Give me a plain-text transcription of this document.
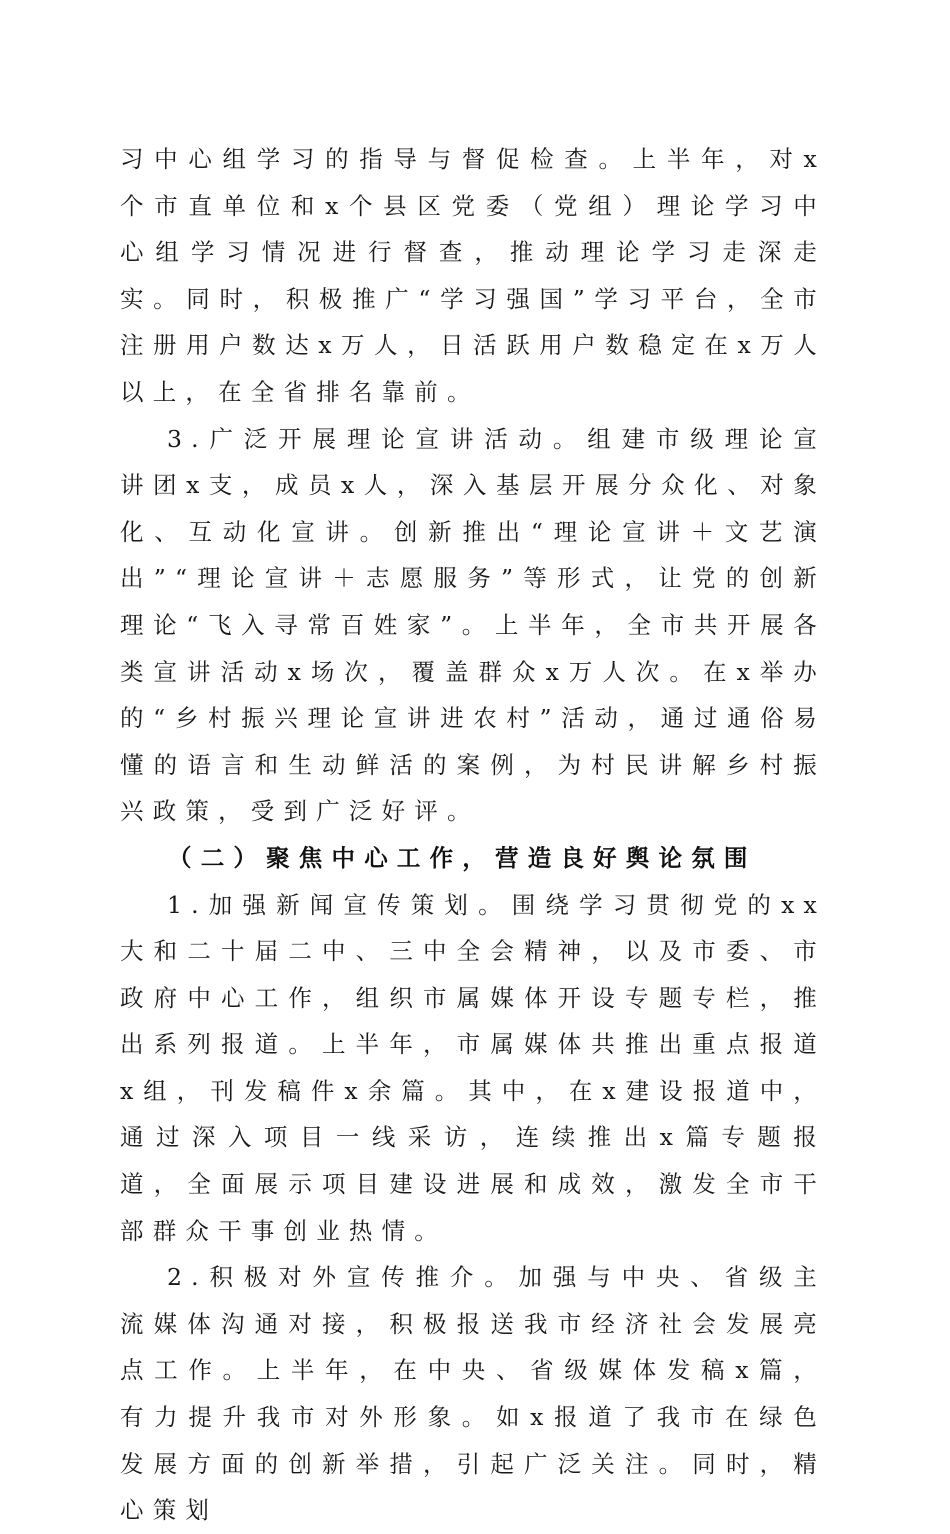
习中心组学习的指导与督促检查。上半年，对x个市直单位和x个县区党委（党组）理论学习中心组学习情况进行督查，推动理论学习走深走实。同时，积极推广“学习强国”学习平台，全市注册用户数达x万人，日活跃用户数稳定在x万人以上，在全省排名靠前。

3.广泛开展理论宣讲活动。组建市级理论宣讲团x支，成员x人，深入基层开展分众化、对象化、互动化宣讲。创新推出“理论宣讲＋文艺演出”“理论宣讲＋志愿服务”等形式，让党的创新理论“飞入寻常百姓家”。上半年，全市共开展各类宣讲活动x场次，覆盖群众x万人次。在x举办的“乡村振兴理论宣讲进农村”活动，通过通俗易懂的语言和生动鲜活的案例，为村民讲解乡村振兴政策，受到广泛好评。

（二）聚焦中心工作，营造良好舆论氛围

1.加强新闻宣传策划。围绕学习贯彻党的xx大和二十届二中、三中全会精神，以及市委、市政府中心工作，组织市属媒体开设专题专栏，推出系列报道。上半年，市属媒体共推出重点报道x组，刊发稿件x余篇。其中，在x建设报道中，通过深入项目一线采访，连续推出x篇专题报道，全面展示项目建设进展和成效，激发全市干部群众干事创业热情。

2.积极对外宣传推介。加强与中央、省级主流媒体沟通对接，积极报送我市经济社会发展亮点工作。上半年，在中央、省级媒体发稿x篇，有力提升我市对外形象。如x报道了我市在绿色发展方面的创新举措，引起广泛关注。同时，精心策划
